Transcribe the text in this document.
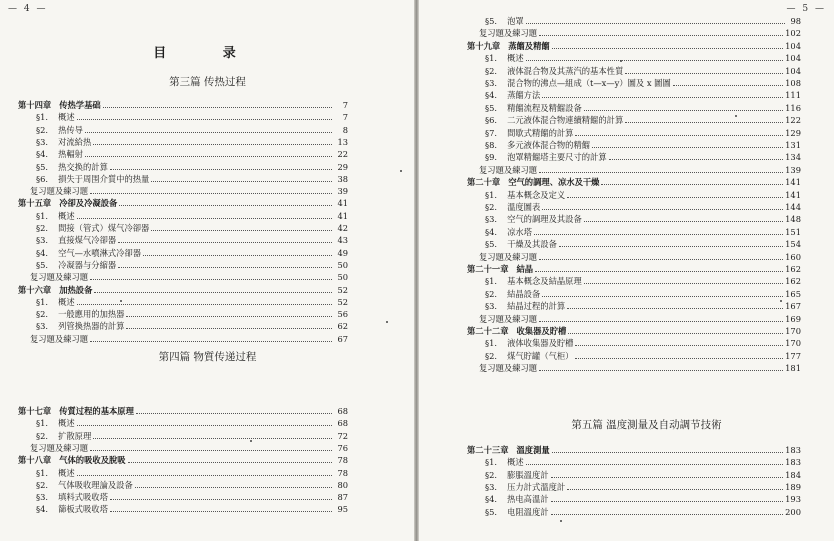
— 4 —
目 录
第三篇 传热过程
第十四章 传热学基础	7
§1. 概述	7
§2. 热传导	8
§3. 对流給热	13
§4. 热輻射	22
§5. 热交换的計算	29
§6. 損失于周围介質中的热量	38
复习题及練习题	39
第十五章 冷卻及冷凝設备	41
§1. 概述	41
§2. 間接（管式）煤气冷卻器	42
§3. 直接煤气冷卻器	43
§4. 空气—水噴淋式冷卻器	49
§5. 冷凝器与分縮器	50
复习題及練习題	50
第十六章 加热設备	52
§1. 概述	52
§2. 一般應用的加热器	56
§3. 列管換热器的計算	62
复习題及練习題	67
第四篇 物質传递过程
第十七章 传質过程的基本原理	68
§1. 概述	68
§2. 扩散原理	72
复习題及練习題	76
第十八章 气体的吸收及脫吸	78
§1. 概述	78
§2. 气体吸收理論及設备	80
§3. 填料式吸收塔	87
§4. 篩板式吸收塔	95
— 5 —
§5. 泡罩	98
复习題及練习題	102
第十九章 蒸餾及精餾	104
§1. 概述	104
§2. 液体混合物及其蒸汽的基本性質	104
§3. 混合物的沸点—組成（t—x—y）圖及 x 圖圖	108
§4. 蒸餾方法	111
§5. 精餾流程及精餾設备	116
§6. 二元液体混合物連續精餾的計算	122
§7. 間歇式精餾的計算	129
§8. 多元液体混合物的精餾	131
§9. 泡罩精餾塔主要尺寸的計算	134
复习題及練习題	139
第二十章 空气的調理、凉水及干燥	141
§1. 基本概念及定义	141
§2. 溫度圖表	144
§3. 空气的調理及其設备	148
§4. 凉水塔	151
§5. 干燥及其設备	154
复习題及練习題	160
第二十一章 結晶	162
§1. 基本概念及結晶原理	162
§2. 結晶設备	165
§3. 結晶过程的計算	167
复习題及練习題	169
第二十二章 收集器及貯槽	170
§1. 液体收集器及貯槽	170
§2. 煤气貯罐（气柜）	177
复习題及練习題	181
第五篇 溫度測量及自动調节技術
第二十三章 溫度測量	183
§1. 概述	183
§2. 膨脹溫度計	184
§3. 压力計式溫度計	189
§4. 热电高溫計	193
§5. 电阻溫度計	200
